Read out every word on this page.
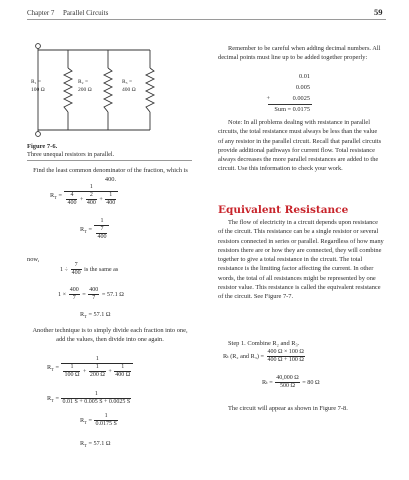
Chapter 7 Parallel Circuits	59
R₁ =
100 Ω
R₂ =
200 Ω
R₃ =
400 Ω
Figure 7-6.
Three unequal resistors in parallel.
Find the least common denominator of the fraction, which is 400.
$R_T = \frac{1}{\frac{4}{400} + \frac{2}{400} + \frac{1}{400}}$
$R_T = \frac{1}{\frac{7}{400}}$
now,
$1 \div \frac{7}{400}$ is the same as
$1 \times \frac{400}{7} = \frac{400}{7} = 57.1$ Ω
$R_T = 57.1$ Ω
Another technique is to simply divide each fraction into one, add the values, then divide into one again.
$R_T = \frac{1}{\frac{1}{100 \Omega} + \frac{1}{200 \Omega} + \frac{1}{400 \Omega}}$
$R_T = \frac{1}{0.01 S + 0.005 S + 0.0025 S}$
$R_T = \frac{1}{0.0175 S}$
$R_T = 57.1$ Ω
Remember to be careful when adding decimal numbers. All decimal points must line up to be added together properly:
0.01
0.005
+	0.0025
Sum = 0.0175
Note: In all problems dealing with resistance in parallel circuits, the total resistance must always be less than the value of any resistor in the parallel circuit. Recall that parallel circuits provide additional pathways for current flow. Total resistance always decreases the more parallel resistances are added to the circuit. Use this information to check your work.
Equivalent Resistance
The flow of electricity in a circuit depends upon resistance of the circuit. This resistance can be a single resistor or several resistors connected in series or parallel. Regardless of how many resistors there are or how they are connected, they will combine together to give a total resistance in the circuit. The total resistance is the limiting factor affecting the current. In other words, the total of all resistances might be represented by one resistor value. This resistance is called the equivalent resistance of the circuit. See Figure 7-7.
Step 1. Combine R₂ and R₃.
Rₜ (R₂ and $R_3) = \frac{400 \Omega \times 100 \Omega}{400 \Omega + 100 \Omega}$
$R_t = \frac{40,000 \Omega}{500 \Omega} = 80$ Ω
The circuit will appear as shown in Figure 7-8.
